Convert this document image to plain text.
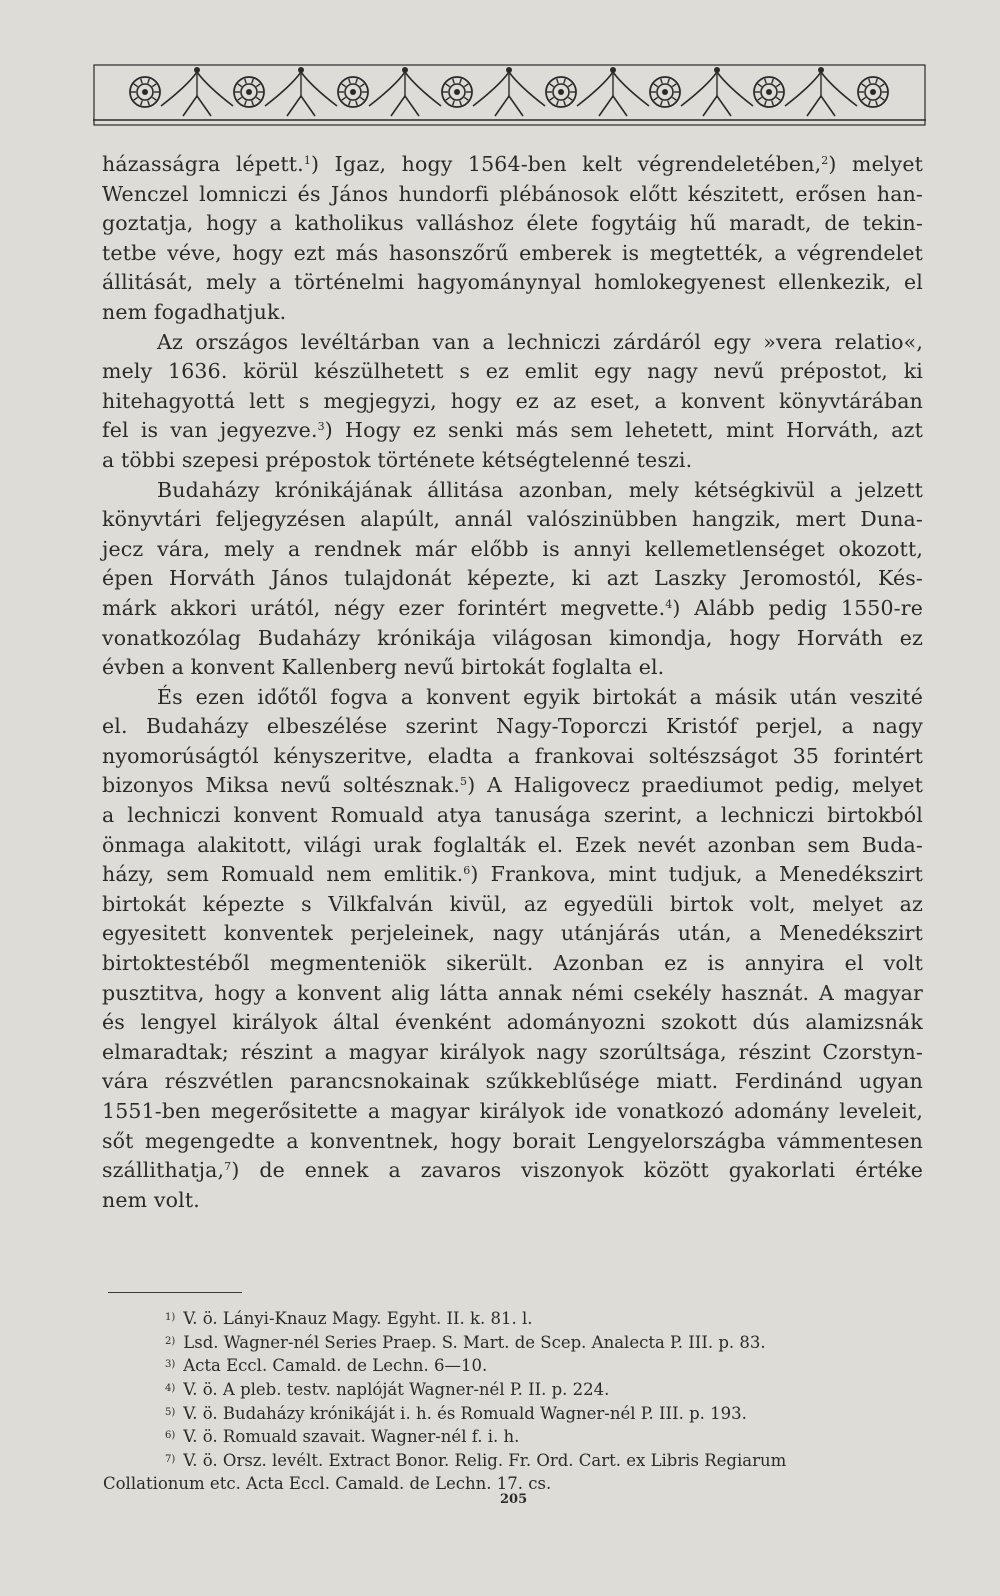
házasságra lépett.$^1$) Igaz, hogy 1564-ben kelt végrendeletében,$^2$) melyet
Wenczel lomniczi és János hundorfi plébánosok előtt készitett, erősen han-
goztatja, hogy a katholikus valláshoz élete fogytáig hű maradt, de tekin-
tetbe véve, hogy ezt más hasonszőrű emberek is megtették, a végrendelet
állitását, mely a történelmi hagyománynyal homlokegyenest ellenkezik, el
nem fogadhatjuk.
Az országos levéltárban van a lechniczi zárdáról egy »vera relatio«,
mely 1636. körül készülhetett s ez emlit egy nagy nevű prépostot, ki
hitehagyottá lett s megjegyzi, hogy ez az eset, a konvent könyvtárában
fel is van jegyezve.$^3$) Hogy ez senki más sem lehetett, mint Horváth, azt
a többi szepesi prépostok története kétségtelenné teszi.
Budaházy krónikájának állitása azonban, mely kétségkivül a jelzett
könyvtári feljegyzésen alapúlt, annál valószinübben hangzik, mert Duna-
jecz vára, mely a rendnek már előbb is annyi kellemetlenséget okozott,
épen Horváth János tulajdonát képezte, ki azt Laszky Jeromostól, Kés-
márk akkori urától, négy ezer forintért megvette.$^4$) Alább pedig 1550-re
vonatkozólag Budaházy krónikája világosan kimondja, hogy Horváth ez
évben a konvent Kallenberg nevű birtokát foglalta el.
És ezen időtől fogva a konvent egyik birtokát a másik után veszité
el. Budaházy elbeszélése szerint Nagy-Toporczi Kristóf perjel, a nagy
nyomorúságtól kényszeritve, eladta a frankovai soltészságot 35 forintért
bizonyos Miksa nevű soltésznak.$^5$) A Haligovecz praediumot pedig, melyet
a lechniczi konvent Romuald atya tanusága szerint, a lechniczi birtokból
önmaga alakitott, világi urak foglalták el. Ezek nevét azonban sem Buda-
házy, sem Romuald nem emlitik.$^6$) Frankova, mint tudjuk, a Menedékszirt
birtokát képezte s Vilkfalván kivül, az egyedüli birtok volt, melyet az
egyesitett konventek perjeleinek, nagy utánjárás után, a Menedékszirt
birtoktestéből megmenteniök sikerült. Azonban ez is annyira el volt
pusztitva, hogy a konvent alig látta annak némi csekély hasznát. A magyar
és lengyel királyok által évenként adományozni szokott dús alamizsnák
elmaradtak; részint a magyar királyok nagy szorúltsága, részint Czorstyn-
vára részvétlen parancsnokainak szűkkeblűsége miatt. Ferdinánd ugyan
1551-ben megerősitette a magyar királyok ide vonatkozó adomány leveleit,
sőt megengedte a konventnek, hogy borait Lengyelországba vámmentesen
szállithatja,$^7$) de ennek a zavaros viszonyok között gyakorlati értéke
nem volt.
$^{1)}$ V. ö. Lányi-Knauz Magy. Egyht. II. k. 81. l.
$^{2)}$ Lsd. Wagner-nél Series Praep. S. Mart. de Scep. Analecta P. III. p. 83.
$^{3)}$ Acta Eccl. Camald. de Lechn. 6—10.
$^{4)}$ V. ö. A pleb. testv. naplóját Wagner-nél P. II. p. 224.
$^{5)}$ V. ö. Budaházy krónikáját i. h. és Romuald Wagner-nél P. III. p. 193.
$^{6)}$ V. ö. Romuald szavait. Wagner-nél f. i. h.
$^{7)}$ V. ö. Orsz. levélt. Extract Bonor. Relig. Fr. Ord. Cart. ex Libris Regiarum
Collationum etc. Acta Eccl. Camald. de Lechn. 17. cs.
205
